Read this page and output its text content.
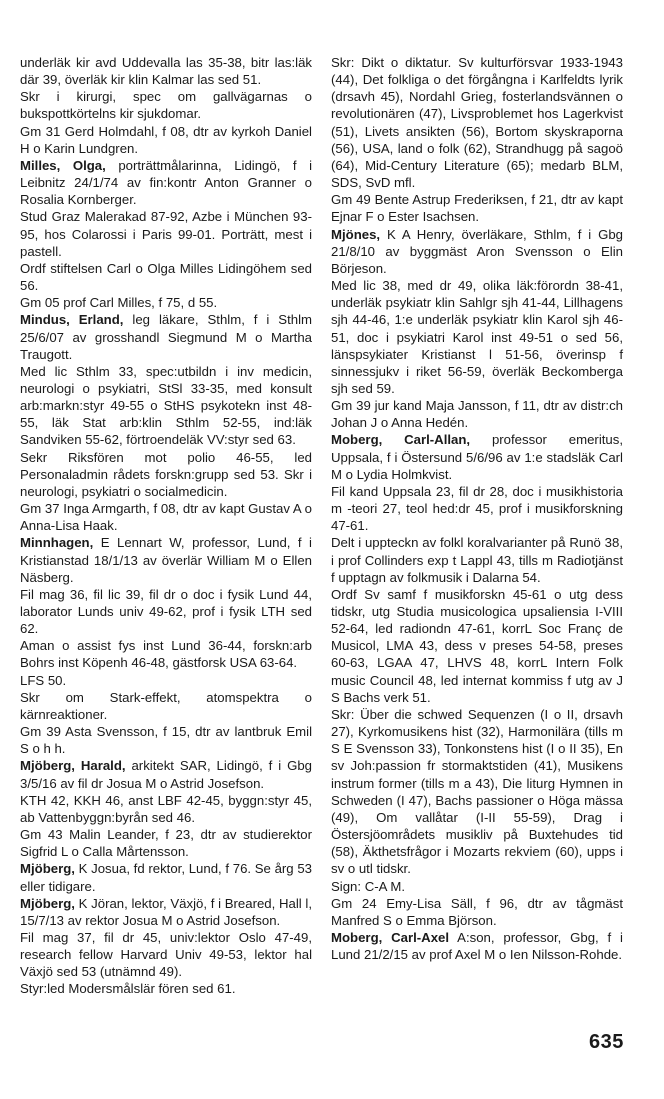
underläk kir avd Uddevalla las 35-38, bitr las:läk där 39, överläk kir klin Kalmar las sed 51.

Skr i kirurgi, spec om gallvägarnas o bukspottkörtelns kir sjukdomar.

Gm 31 Gerd Holmdahl, f 08, dtr av kyrkoh Daniel H o Karin Lundgren.

Milles, Olga, porträttmålarinna, Lidingö, f i Leibnitz 24/1/74 av fin:kontr Anton Granner o Rosalia Kornberger.

Stud Graz Malerakad 87-92, Azbe i München 93-95, hos Colarossi i Paris 99-01. Porträtt, mest i pastell.

Ordf stiftelsen Carl o Olga Milles Lidingöhem sed 56.

Gm 05 prof Carl Milles, f 75, d 55.

Mindus, Erland, leg läkare, Sthlm, f i Sthlm 25/6/07 av grosshandl Siegmund M o Martha Traugott.

Med lic Sthlm 33, spec:utbildn i inv medicin, neurologi o psykiatri, StSl 33-35, med konsult arb:markn:styr 49-55 o StHS psykotekn inst 48-55, läk Stat arb:klin Sthlm 52-55, ind:läk Sandviken 55-62, förtroendeläk VV:styr sed 63.

Sekr Riksfören mot polio 46-55, led Personaladmin rådets forskn:grupp sed 53. Skr i neurologi, psykiatri o socialmedicin.

Gm 37 Inga Armgarth, f 08, dtr av kapt Gustav A o Anna-Lisa Haak.

Minnhagen, E Lennart W, professor, Lund, f i Kristianstad 18/1/13 av överlär William M o Ellen Näsberg.

Fil mag 36, fil lic 39, fil dr o doc i fysik Lund 44, laborator Lunds univ 49-62, prof i fysik LTH sed 62.

Aman o assist fys inst Lund 36-44, forskn:arb Bohrs inst Köpenh 46-48, gästforsk USA 63-64.

LFS 50.

Skr om Stark-effekt, atomspektra o kärnreaktioner.

Gm 39 Asta Svensson, f 15, dtr av lantbruk Emil S o h h.

Mjöberg, Harald, arkitekt SAR, Lidingö, f i Gbg 3/5/16 av fil dr Josua M o Astrid Josefson.

KTH 42, KKH 46, anst LBF 42-45, byggn:styr 45, ab Vattenbyggn:byrån sed 46.

Gm 43 Malin Leander, f 23, dtr av studierektor Sigfrid L o Calla Mårtensson.

Mjöberg, K Josua, fd rektor, Lund, f 76. Se årg 53 eller tidigare.

Mjöberg, K Jöran, lektor, Växjö, f i Breared, Hall l, 15/7/13 av rektor Josua M o Astrid Josefson.

Fil mag 37, fil dr 45, univ:lektor Oslo 47-49, research fellow Harvard Univ 49-53, lektor hal Växjö sed 53 (utnämnd 49).

Styr:led Modersmålslär fören sed 61.

Skr: Dikt o diktatur. Sv kulturförsvar 1933-1943 (44), Det folkliga o det förgångna i Karlfeldts lyrik (drsavh 45), Nordahl Grieg, fosterlandsvännen o revolutionären (47), Livsproblemet hos Lagerkvist (51), Livets ansikten (56), Bortom skyskraporna (56), USA, land o folk (62), Strandhugg på sagoö (64), Mid-Century Literature (65); medarb BLM, SDS, SvD mfl.

Gm 49 Bente Astrup Frederiksen, f 21, dtr av kapt Ejnar F o Ester Isachsen.

Mjönes, K A Henry, överläkare, Sthlm, f i Gbg 21/8/10 av byggmäst Aron Svensson o Elin Börjeson.

Med lic 38, med dr 49, olika läk:förordn 38-41, underläk psykiatr klin Sahlgr sjh 41-44, Lillhagens sjh 44-46, 1:e underläk psykiatr klin Karol sjh 46-51, doc i psykiatri Karol inst 49-51 o sed 56, länspsykiater Kristianst l 51-56, överinsp f sinnessjukv i riket 56-59, överläk Beckomberga sjh sed 59.

Gm 39 jur kand Maja Jansson, f 11, dtr av distr:ch Johan J o Anna Hedén.

Moberg, Carl-Allan, professor emeritus, Uppsala, f i Östersund 5/6/96 av 1:e stadsläk Carl M o Lydia Holmkvist.

Fil kand Uppsala 23, fil dr 28, doc i musikhistoria m -teori 27, teol hed:dr 45, prof i musikforskning 47-61.

Delt i uppteckn av folkl koralvarianter på Runö 38, i prof Collinders exp t Lappl 43, tills m Radiotjänst f upptagn av folkmusik i Dalarna 54.

Ordf Sv samf f musikforskn 45-61 o utg dess tidskr, utg Studia musicologica upsaliensia I-VIII 52-64, led radiondn 47-61, korrL Soc Franç de Musicol, LMA 43, dess v preses 54-58, preses 60-63, LGAA 47, LHVS 48, korrL Intern Folk music Council 48, led internat kommiss f utg av J S Bachs verk 51.

Skr: Über die schwed Sequenzen (I o II, drsavh 27), Kyrkomusikens hist (32), Harmonilära (tills m S E Svensson 33), Tonkonstens hist (I o II 35), En sv Joh:passion fr stormaktstiden (41), Musikens instrum former (tills m a 43), Die liturg Hymnen in Schweden (I 47), Bachs passioner o Höga mässa (49), Om vallåtar (I-II 55-59), Drag i Östersjöområdets musikliv på Buxtehudes tid (58), Äkthetsfrågor i Mozarts rekviem (60), upps i sv o utl tidskr.

Sign: C-A M.

Gm 24 Emy-Lisa Säll, f 96, dtr av tågmäst Manfred S o Emma Björson.

Moberg, Carl-Axel A:son, professor, Gbg, f i Lund 21/2/15 av prof Axel M o Ien Nilsson-Rohde.

635
